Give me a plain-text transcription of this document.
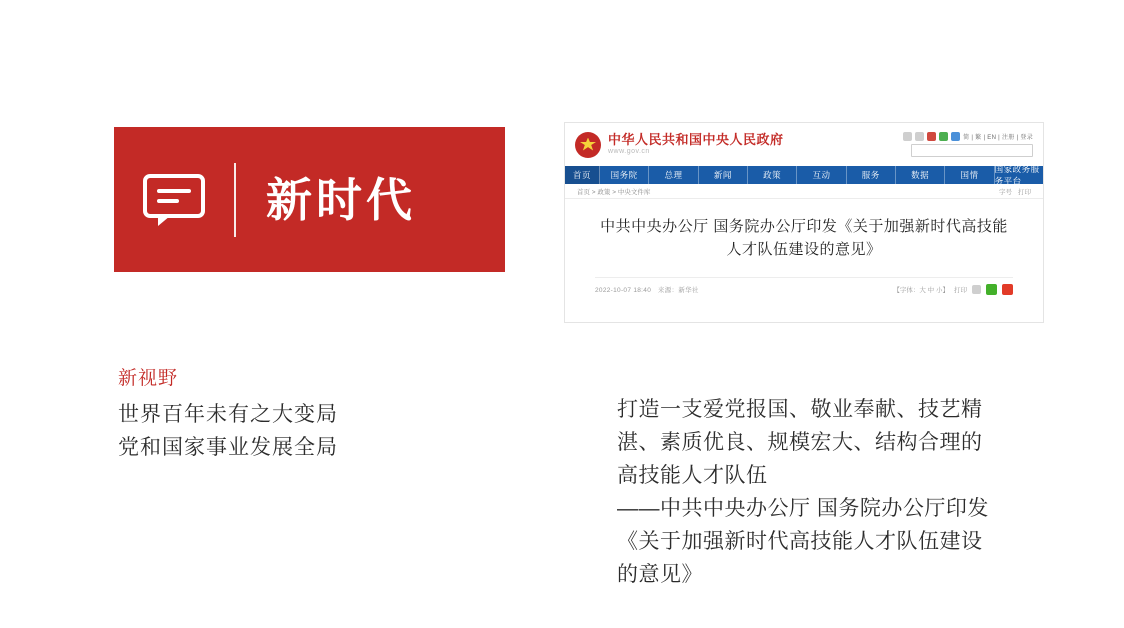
新时代
新视野
世界百年未有之大变局
党和国家事业发展全局
打造一支爱党报国、敬业奉献、技艺精
湛、素质优良、规模宏大、结构合理的
高技能人才队伍
——中共中央办公厅 国务院办公厅印发
《关于加强新时代高技能人才队伍建设
的意见》
中华人民共和国中央人民政府
www.gov.cn
简 | 繁 | EN | 注册 | 登录
首页	国务院	总理	新闻	政策	互动	服务	数据	国情
国家政务服务平台
首页 > 政策 > 中央文件库	字号 打印
中共中央办公厅 国务院办公厅印发《关于加强新时代高技能人才队伍建设的意见》
2022-10-07 18:40　来源：新华社	【字体：大 中 小】 打印
